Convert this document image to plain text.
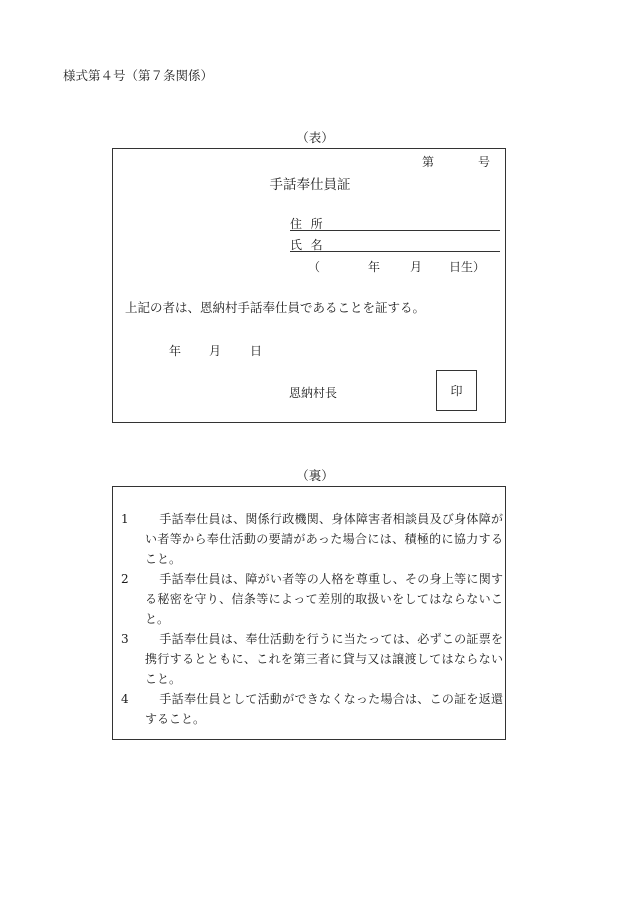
様式第４号（第７条関係）
（表）
第	号
手話奉仕員証
住 所
氏 名
（	年 月 日生）
上記の者は、恩納村手話奉仕員であることを証する。
年 月 日
恩納村長	印
（裏）
1	手話奉仕員は、関係行政機関、身体障害者相談員及び身体障がい者等から奉仕活動の要請があった場合には、積極的に協力すること。
2	手話奉仕員は、障がい者等の人格を尊重し、その身上等に関する秘密を守り、信条等によって差別的取扱いをしてはならないこと。
3	手話奉仕員は、奉仕活動を行うに当たっては、必ずこの証票を携行するとともに、これを第三者に貸与又は譲渡してはならないこと。
4	手話奉仕員として活動ができなくなった場合は、この証を返還すること。
